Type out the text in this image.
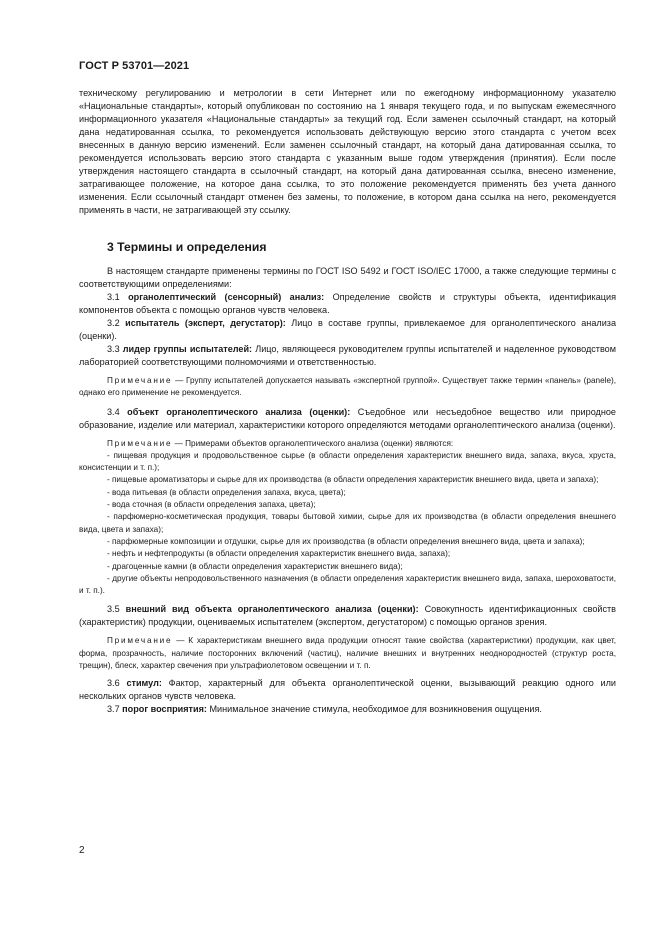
ГОСТ Р 53701—2021

техническому регулированию и метрологии в сети Интернет или по ежегодному информационному указателю «Национальные стандарты», который опубликован по состоянию на 1 января текущего года, и по выпускам ежемесячного информационного указателя «Национальные стандарты» за текущий год. Если заменен ссылочный стандарт, на который дана недатированная ссылка, то рекомендуется использовать действующую версию этого стандарта с учетом всех внесенных в данную версию изменений. Если заменен ссылочный стандарт, на который дана датированная ссылка, то рекомендуется использовать версию этого стандарта с указанным выше годом утверждения (принятия). Если после утверждения настоящего стандарта в ссылочный стандарт, на который дана датированная ссылка, внесено изменение, затрагивающее положение, на которое дана ссылка, то это положение рекомендуется применять без учета данного изменения. Если ссылочный стандарт отменен без замены, то положение, в котором дана ссылка на него, рекомендуется применять в части, не затрагивающей эту ссылку.

3 Термины и определения

В настоящем стандарте применены термины по ГОСТ ISO 5492 и ГОСТ ISO/IEC 17000, а также следующие термины с соответствующими определениями:

3.1 органолептический (сенсорный) анализ: Определение свойств и структуры объекта, идентификация компонентов объекта с помощью органов чувств человека.

3.2 испытатель (эксперт, дегустатор): Лицо в составе группы, привлекаемое для органолептического анализа (оценки).

3.3 лидер группы испытателей: Лицо, являющееся руководителем группы испытателей и наделенное руководством лабораторией соответствующими полномочиями и ответственностью.

Примечание — Группу испытателей допускается называть «экспертной группой». Существует также термин «панель» (panele), однако его применение не рекомендуется.

3.4 объект органолептического анализа (оценки): Съедобное или несъедобное вещество или природное образование, изделие или материал, характеристики которого определяются методами органолептического анализа (оценки).

Примечание — Примерами объектов органолептического анализа (оценки) являются:

- пищевая продукция и продовольственное сырье (в области определения характеристик внешнего вида, запаха, вкуса, хруста, консистенции и т. п.);

- пищевые ароматизаторы и сырье для их производства (в области определения характеристик внешнего вида, цвета и запаха);

- вода питьевая (в области определения запаха, вкуса, цвета);

- вода сточная (в области определения запаха, цвета);

- парфюмерно-косметическая продукция, товары бытовой химии, сырье для их производства (в области определения внешнего вида, цвета и запаха);

- парфюмерные композиции и отдушки, сырье для их производства (в области определения внешнего вида, цвета и запаха);

- нефть и нефтепродукты (в области определения характеристик внешнего вида, запаха);

- драгоценные камни (в области определения характеристик внешнего вида);

- другие объекты непродовольственного назначения (в области определения характеристик внешнего вида, запаха, шероховатости, и т. п.).

3.5 внешний вид объекта органолептического анализа (оценки): Совокупность идентификационных свойств (характеристик) продукции, оцениваемых испытателем (экспертом, дегустатором) с помощью органов зрения.

Примечание — К характеристикам внешнего вида продукции относят такие свойства (характеристики) продукции, как цвет, форма, прозрачность, наличие посторонних включений (частиц), наличие внешних и внутренних неоднородностей (структур роста, трещин), блеск, характер свечения при ультрафиолетовом освещении и т. п.

3.6 стимул: Фактор, характерный для объекта органолептической оценки, вызывающий реакцию одного или нескольких органов чувств человека.

3.7 порог восприятия: Минимальное значение стимула, необходимое для возникновения ощущения.

2
